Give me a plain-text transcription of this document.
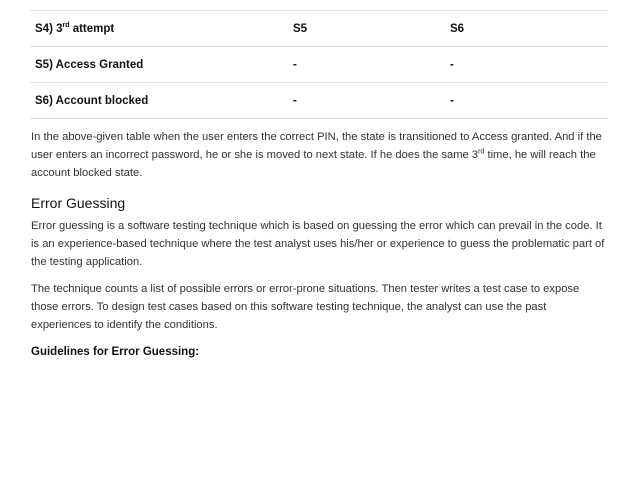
S4) 3rd attempt	S5	S6
S5) Access Granted	-	-
S6) Account blocked	-	-

In the above-given table when the user enters the correct PIN, the state is transitioned to Access granted. And if the user enters an incorrect password, he or she is moved to next state. If he does the same 3rd time, he will reach the account blocked state.

Error Guessing

Error guessing is a software testing technique which is based on guessing the error which can prevail in the code. It is an experience-based technique where the test analyst uses his/her or experience to guess the problematic part of the testing application.

The technique counts a list of possible errors or error-prone situations. Then tester writes a test case to expose those errors. To design test cases based on this software testing technique, the analyst can use the past experiences to identify the conditions.

Guidelines for Error Guessing:
